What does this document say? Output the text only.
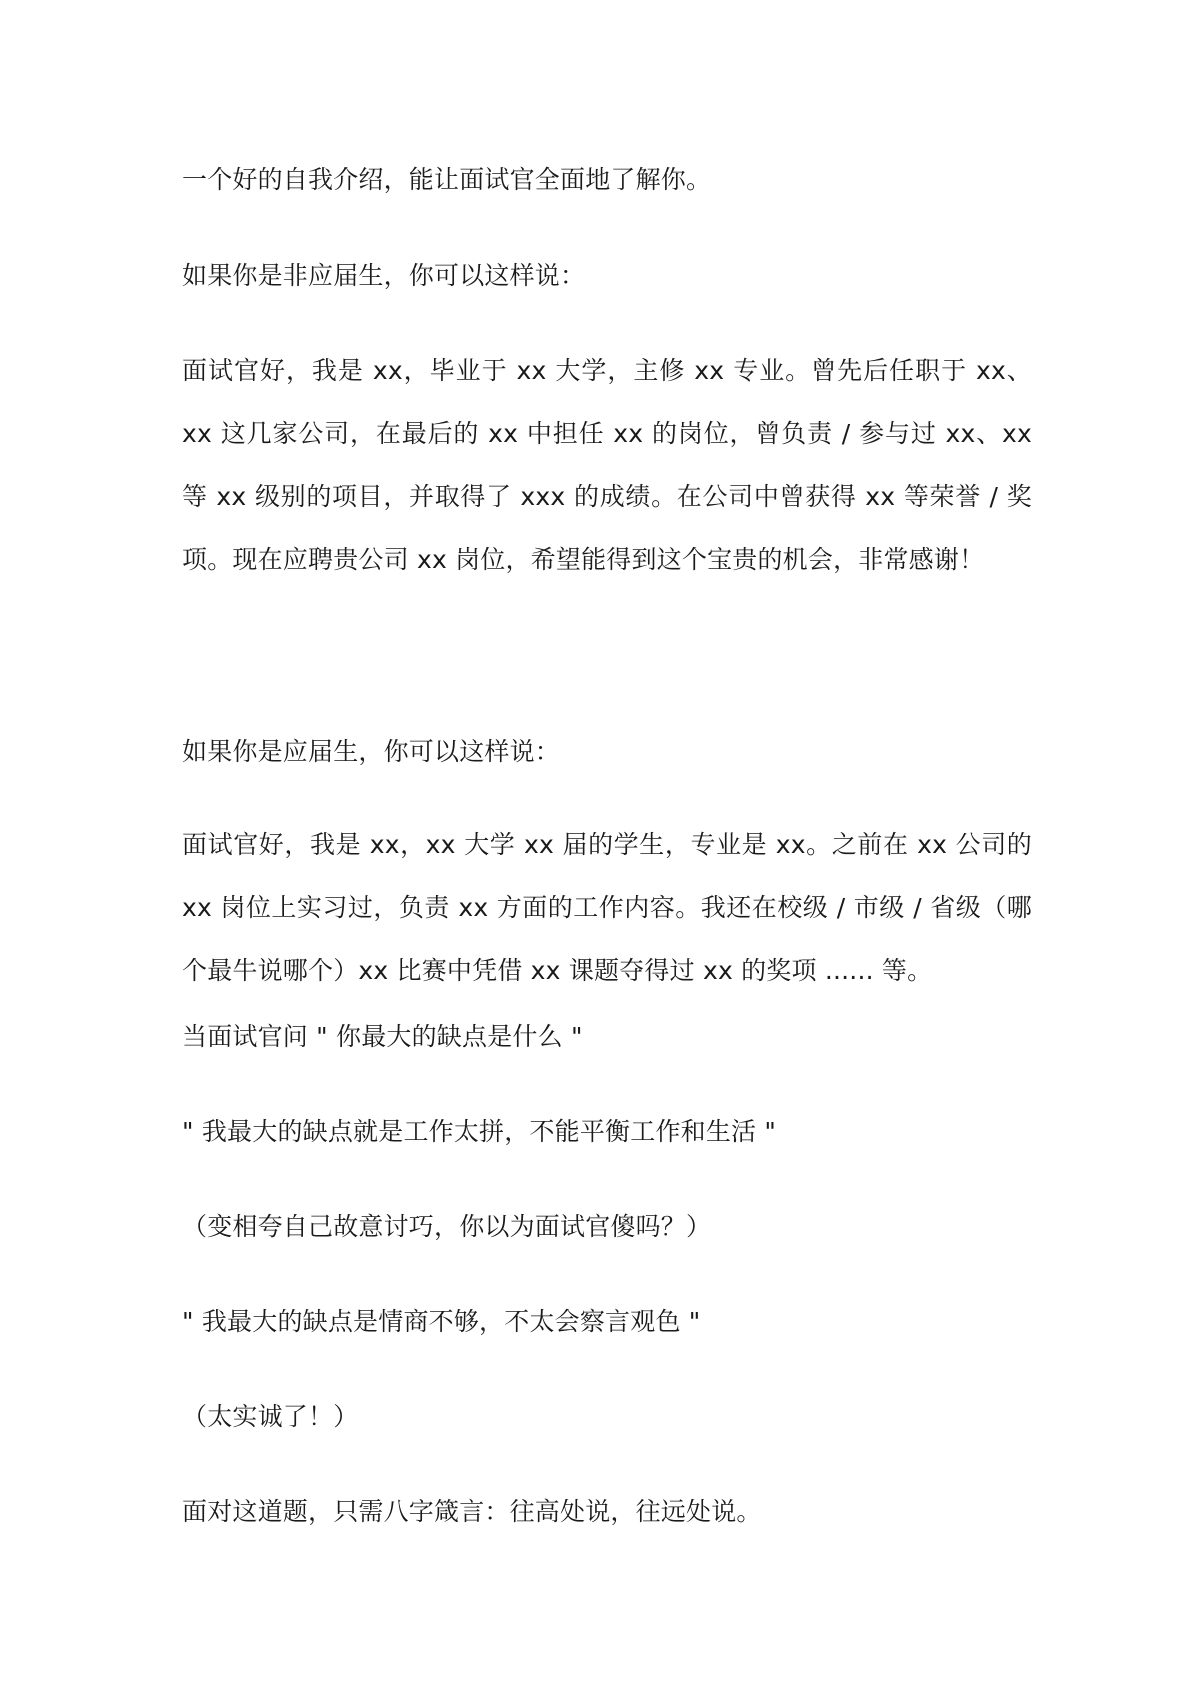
一个好的自我介绍，能让面试官全面地了解你。

如果你是非应届生，你可以这样说：

面试官好，我是 xx，毕业于 xx 大学，主修 xx 专业。曾先后任职于 xx、
xx 这几家公司，在最后的 xx 中担任 xx 的岗位，曾负责 / 参与过 xx、xx
等 xx 级别的项目，并取得了 xxx 的成绩。在公司中曾获得 xx 等荣誉 / 奖
项。现在应聘贵公司 xx 岗位，希望能得到这个宝贵的机会，非常感谢！

如果你是应届生，你可以这样说：

面试官好，我是 xx，xx 大学 xx 届的学生，专业是 xx。之前在 xx 公司的
xx 岗位上实习过，负责 xx 方面的工作内容。我还在校级 / 市级 / 省级（哪
个最牛说哪个）xx 比赛中凭借 xx 课题夺得过 xx 的奖项 ...... 等。

当面试官问 " 你最大的缺点是什么 "

" 我最大的缺点就是工作太拼，不能平衡工作和生活 "

（变相夸自己故意讨巧，你以为面试官傻吗？）

" 我最大的缺点是情商不够，不太会察言观色 "

（太实诚了！）

面对这道题，只需八字箴言：往高处说，往远处说。
